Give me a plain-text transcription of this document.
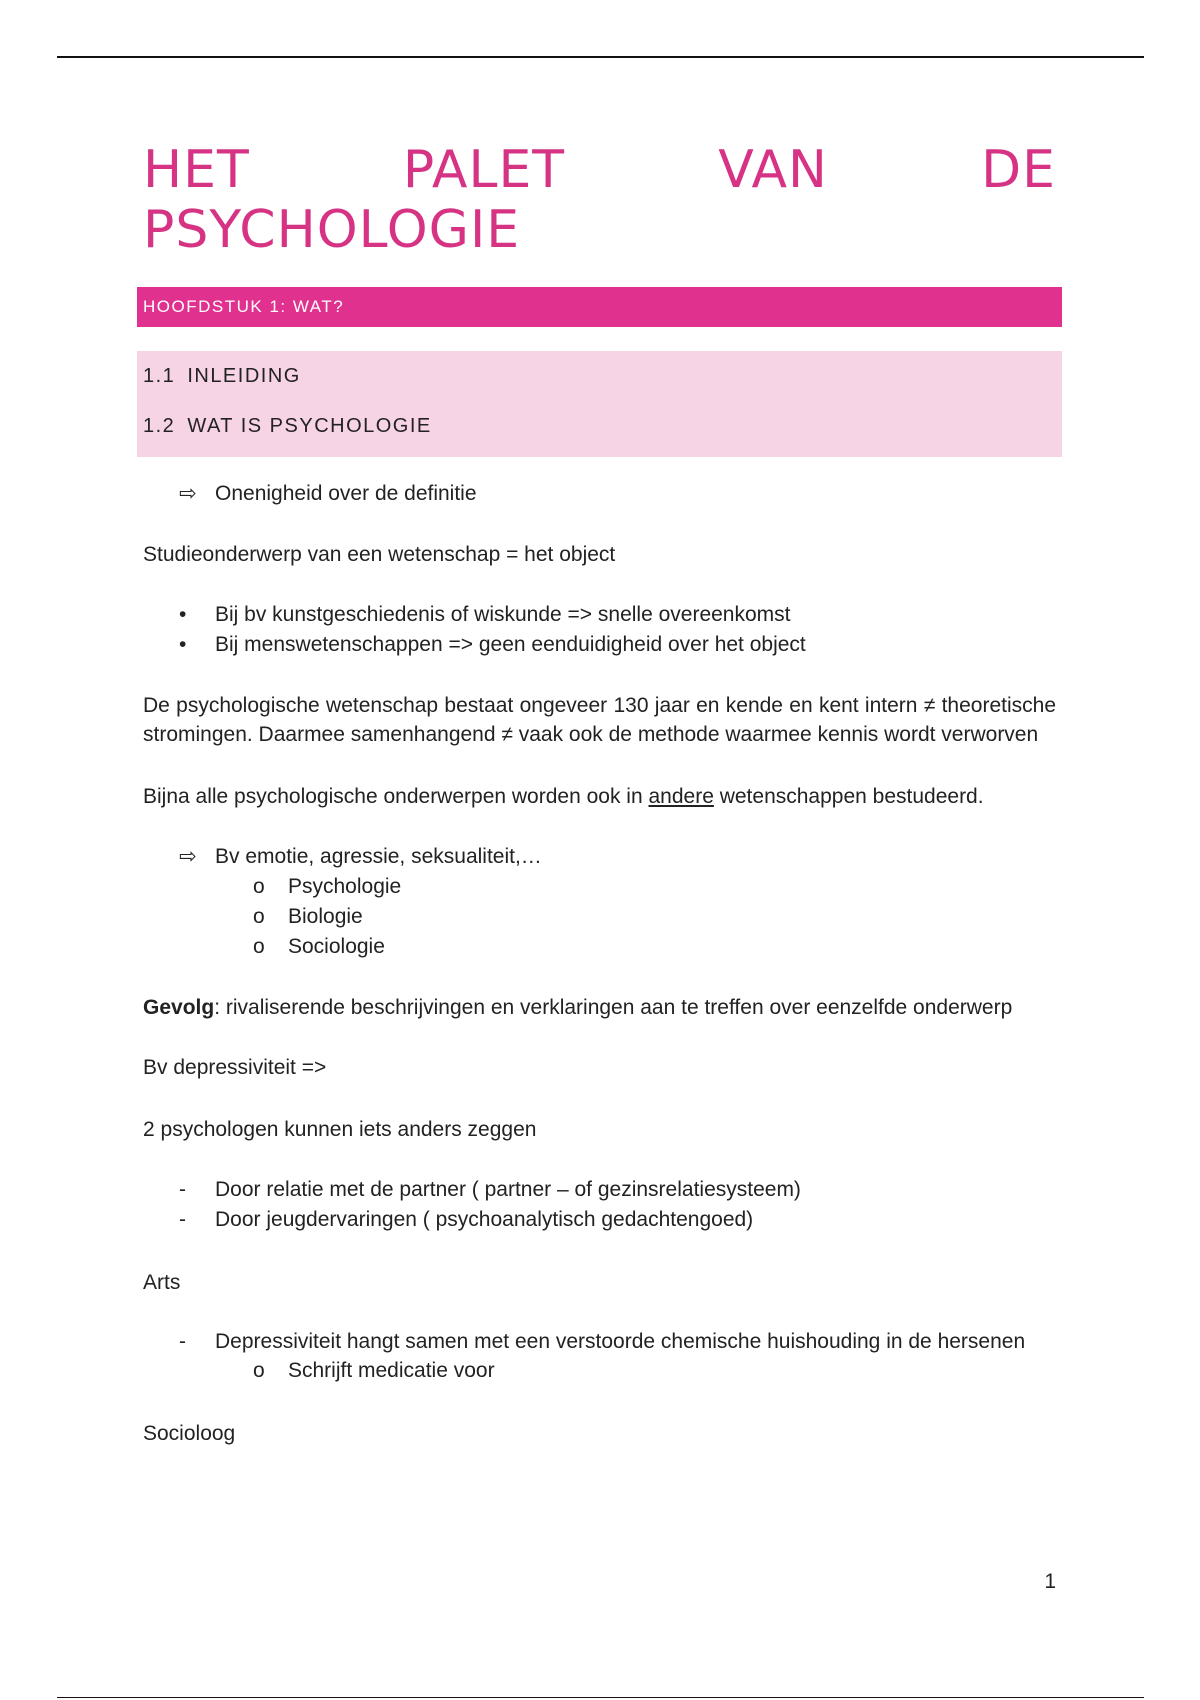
HET	PALET	VAN	DE
PSYCHOLOGIE
HOOFDSTUK 1: WAT?
1.1 INLEIDING
1.2 WAT IS PSYCHOLOGIE
⇨ Onenigheid over de definitie

Studieonderwerp van een wetenschap = het object

•	Bij bv kunstgeschiedenis of wiskunde => snelle overeenkomst
•	Bij menswetenschappen => geen eenduidigheid over het object

De psychologische wetenschap bestaat ongeveer 130 jaar en kende en kent intern ≠ theoretische stromingen. Daarmee samenhangend ≠ vaak ook de methode waarmee kennis wordt verworven

Bijna alle psychologische onderwerpen worden ook in andere wetenschappen bestudeerd.

⇨ Bv emotie, agressie, seksualiteit,…
o	Psychologie
o	Biologie
o	Sociologie

Gevolg: rivaliserende beschrijvingen en verklaringen aan te treffen over eenzelfde onderwerp

Bv depressiviteit =>

2 psychologen kunnen iets anders zeggen

-	Door relatie met de partner ( partner – of gezinsrelatiesysteem)
-	Door jeugdervaringen ( psychoanalytisch gedachtengoed)

Arts

-	Depressiviteit hangt samen met een verstoorde chemische huishouding in de hersenen
o	Schrijft medicatie voor

Socioloog

1
